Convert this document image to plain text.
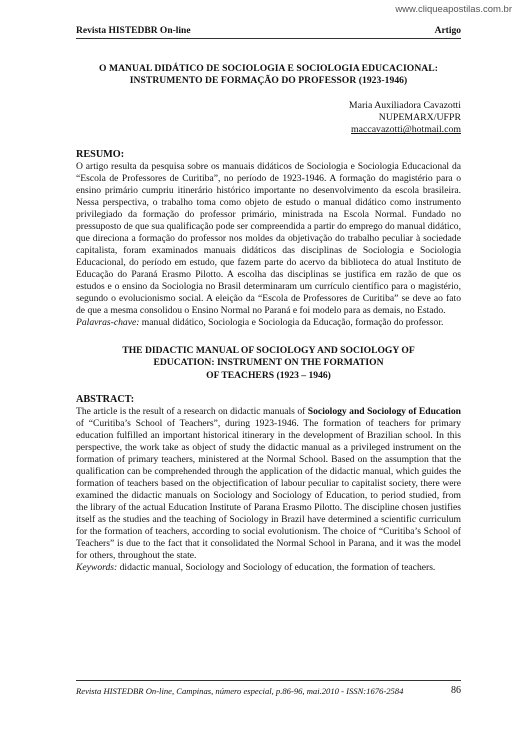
www.cliqueapostilas.com.br
Revista HISTEDBR On-line	Artigo
O MANUAL DIDÁTICO DE SOCIOLOGIA E SOCIOLOGIA EDUCACIONAL: INSTRUMENTO DE FORMAÇÃO DO PROFESSOR (1923-1946)
Maria Auxiliadora Cavazotti
NUPEMARX/UFPR
maccavazotti@hotmail.com
RESUMO:

O artigo resulta da pesquisa sobre os manuais didáticos de Sociologia e Sociologia Educacional da “Escola de Professores de Curitiba”, no período de 1923-1946. A formação do magistério para o ensino primário cumpriu itinerário histórico importante no desenvolvimento da escola brasileira. Nessa perspectiva, o trabalho toma como objeto de estudo o manual didático como instrumento privilegiado da formação do professor primário, ministrada na Escola Normal. Fundado no pressuposto de que sua qualificação pode ser compreendida a partir do emprego do manual didático, que direciona a formação do professor nos moldes da objetivação do trabalho peculiar à sociedade capitalista, foram examinados manuais didáticos das disciplinas de Sociologia e Sociologia Educacional, do período em estudo, que fazem parte do acervo da biblioteca do atual Instituto de Educação do Paraná Erasmo Pilotto. A escolha das disciplinas se justifica em razão de que os estudos e o ensino da Sociologia no Brasil determinaram um currículo científico para o magistério, segundo o evolucionismo social. A eleição da “Escola de Professores de Curitiba” se deve ao fato de que a mesma consolidou o Ensino Normal no Paraná e foi modelo para as demais, no Estado.

Palavras-chave: manual didático, Sociologia e Sociologia da Educação, formação do professor.

THE DIDACTIC MANUAL OF SOCIOLOGY AND SOCIOLOGY OF
EDUCATION: INSTRUMENT ON THE FORMATION
OF TEACHERS (1923 – 1946)
ABSTRACT:

The article is the result of a research on didactic manuals of Sociology and Sociology of Education of “Curitiba’s School of Teachers”, during 1923-1946. The formation of teachers for primary education fulfilled an important historical itinerary in the development of Brazilian school. In this perspective, the work take as object of study the didactic manual as a privileged instrument on the formation of primary teachers, ministered at the Normal School. Based on the assumption that the qualification can be comprehended through the application of the didactic manual, which guides the formation of teachers based on the objectification of labour peculiar to capitalist society, there were examined the didactic manuals on Sociology and Sociology of Education, to period studied, from the library of the actual Education Institute of Parana Erasmo Pilotto. The discipline chosen justifies itself as the studies and the teaching of Sociology in Brazil have determined a scientific curriculum for the formation of teachers, according to social evolutionism. The choice of “Curitiba’s School of Teachers” is due to the fact that it consolidated the Normal School in Parana, and it was the model for others, throughout the state.

Keywords: didactic manual, Sociology and Sociology of education, the formation of teachers.

Revista HISTEDBR On-line, Campinas, número especial, p.86-96, mai.2010 - ISSN:1676-2584	86
